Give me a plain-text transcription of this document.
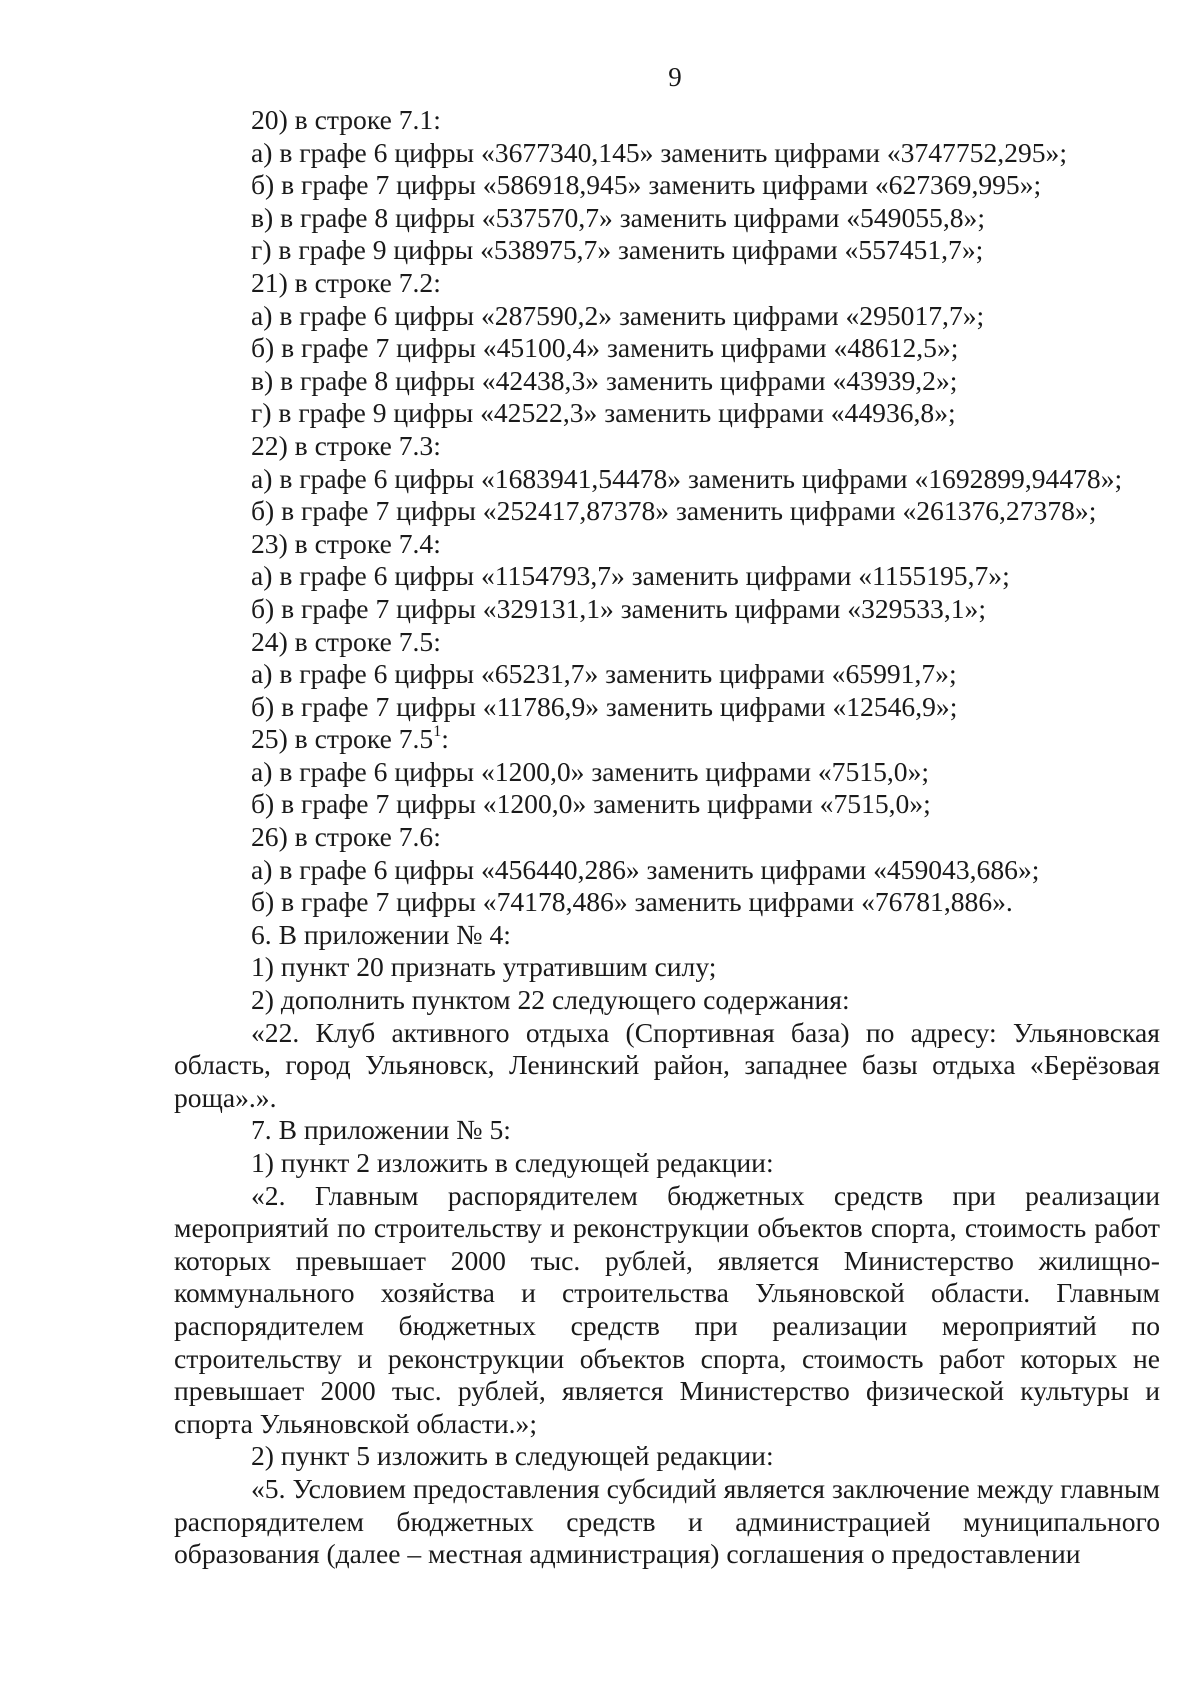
9

20) в строке 7.1:

а) в графе 6 цифры «3677340,145» заменить цифрами «3747752,295»;

б) в графе 7 цифры «586918,945» заменить цифрами «627369,995»;

в) в графе 8 цифры «537570,7» заменить цифрами «549055,8»;

г) в графе 9 цифры «538975,7» заменить цифрами «557451,7»;

21) в строке 7.2:

а) в графе 6 цифры «287590,2» заменить цифрами «295017,7»;

б) в графе 7 цифры «45100,4» заменить цифрами «48612,5»;

в) в графе 8 цифры «42438,3» заменить цифрами «43939,2»;

г) в графе 9 цифры «42522,3» заменить цифрами «44936,8»;

22) в строке 7.3:

а) в графе 6 цифры «1683941,54478» заменить цифрами «1692899,94478»;

б) в графе 7 цифры «252417,87378» заменить цифрами «261376,27378»;

23) в строке 7.4:

а) в графе 6 цифры «1154793,7» заменить цифрами «1155195,7»;

б) в графе 7 цифры «329131,1» заменить цифрами «329533,1»;

24) в строке 7.5:

а) в графе 6 цифры «65231,7» заменить цифрами «65991,7»;

б) в графе 7 цифры «11786,9» заменить цифрами «12546,9»;

25) в строке $7.5^1$:

а) в графе 6 цифры «1200,0» заменить цифрами «7515,0»;

б) в графе 7 цифры «1200,0» заменить цифрами «7515,0»;

26) в строке 7.6:

а) в графе 6 цифры «456440,286» заменить цифрами «459043,686»;

б) в графе 7 цифры «74178,486» заменить цифрами «76781,886».

6. В приложении № 4:

1) пункт 20 признать утратившим силу;

2) дополнить пунктом 22 следующего содержания:

«22. Клуб активного отдыха (Спортивная база) по адресу: Ульяновская область, город Ульяновск, Ленинский район, западнее базы отдыха «Берёзовая роща».».

7. В приложении № 5:

1) пункт 2 изложить в следующей редакции:

«2. Главным распорядителем бюджетных средств при реализации мероприятий по строительству и реконструкции объектов спорта, стоимость работ которых превышает 2000 тыс. рублей, является Министерство жилищно-коммунального хозяйства и строительства Ульяновской области. Главным распорядителем бюджетных средств при реализации мероприятий по строительству и реконструкции объектов спорта, стоимость работ которых не превышает 2000 тыс. рублей, является Министерство физической культуры и спорта Ульяновской области.»;

2) пункт 5 изложить в следующей редакции:

«5. Условием предоставления субсидий является заключение между главным распорядителем бюджетных средств и администрацией муниципального образования (далее – местная администрация) соглашения о предоставлении
